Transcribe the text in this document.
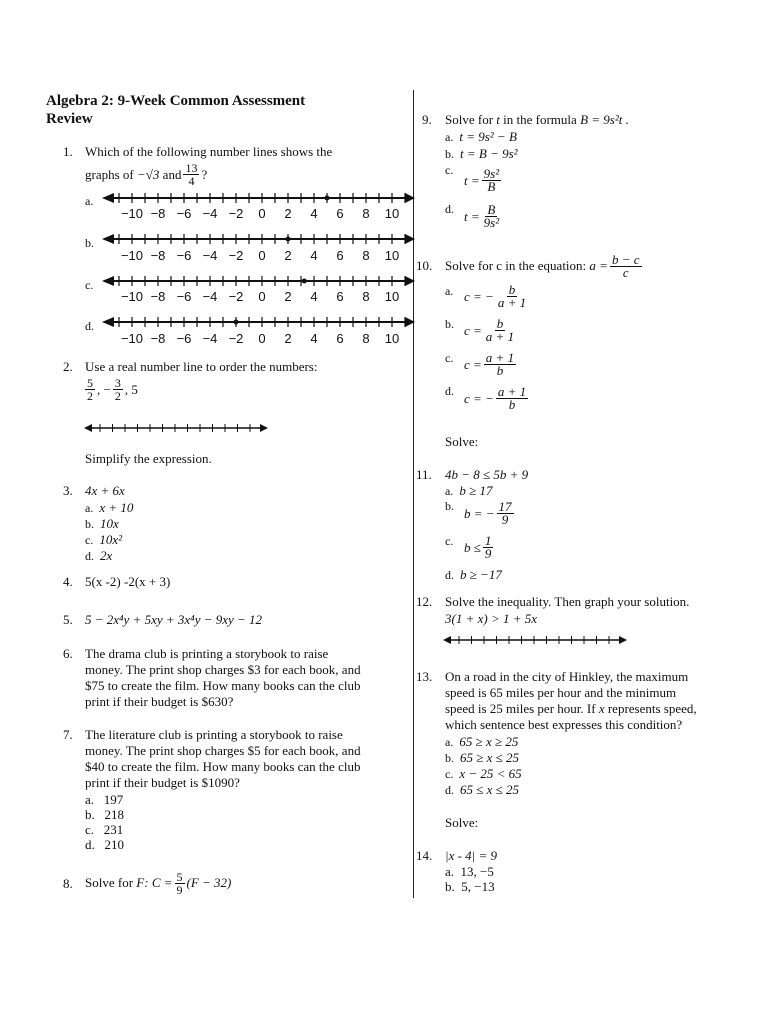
Algebra 2: 9-Week Common Assessment
Review
1. Which of the following number lines shows the
graphs of
−√3
and $\frac{13}{4}$ ?
a.
b.
c.
d.
−10 −8 −6 −4 −2	0	2	4	6	8	10
−10 −8 −6 −4 −2	0	2	4	6	8	10
−10 −8 −6 −4 −2	0	2	4	6	8	10
−10 −8 −6 −4 −2	0	2	4	6	8	10
2. Use a real number line to order the numbers:
$\frac{5}{2}$ ,
− $\frac{3}{2}$ ,
5
Simplify the expression.
3. 4x + 6x
a. x + 10
b. 10x
c. 10x²
d. 2x
4. 5(x -2) -2(x + 3)
5. 5 − 2x⁴y + 5xy + 3x⁴y − 9xy − 12
6. The drama club is printing a storybook to raise
money. The print shop charges $3 for each book, and
$75 to create the film. How many books can the club
print if their budget is $630?
7. The literature club is printing a storybook to raise
money. The print shop charges $5 for each book, and
$40 to create the film. How many books can the club
print if their budget is $1090?
a. 197
b. 218
c. 231
d. 210
8. Solve for
F:
$C = \frac{5}{9} (F - 32)$
9. Solve for t in the formula B = 9s²t .
a. t = 9s² − B
b. t = B − 9s²
c.
$t = \frac{\text{9s²}}{B}$
d. $t = \frac{B}{\text{9s²}}$
10. Solve for c in the equation:
$a = \frac{b - c}{c}$
a. c = − $\frac{b}{a + 1}$
b. $c = \frac{b}{a + 1}$
c. $c = \frac{a + 1}{b}$
d. c = − $\frac{a + 1}{b}$
Solve:
11. 4b − 8 ≤ 5b + 9
a. b ≥ 17
b. b = − $\frac{17}{9}$
c. $b \le \frac{1}{9}$
d. b ≥ −17
12. Solve the inequality. Then graph your solution.
3(1 + x) > 1 + 5x
13. On a road in the city of Hinkley, the maximum
speed is 65 miles per hour and the minimum
speed is 25 miles per hour. If x represents speed,
which sentence best expresses this condition?
a. 65 ≥ x ≥ 25
b. 65 ≥ x ≤ 25
c. x − 25 < 65
d. 65 ≤ x ≤ 25
Solve:
14. |x - 4| = 9
a. 13, −5
b. 5, −13
